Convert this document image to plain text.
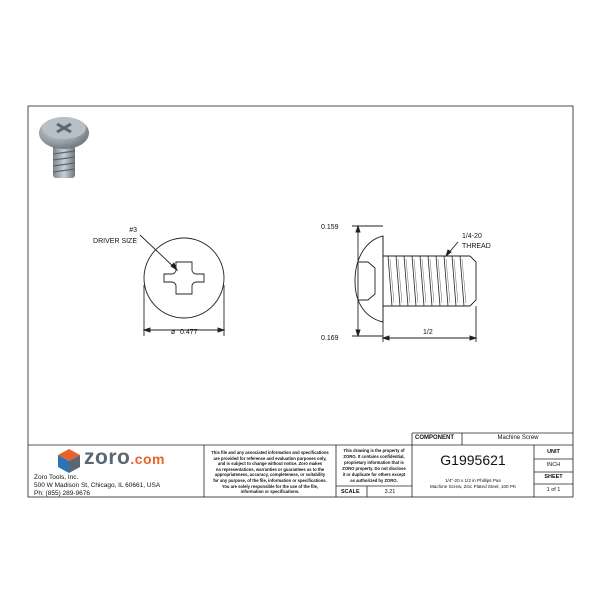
#3
DRIVER SIZE
⌀ 0.477
0.159
0.169
1/2
1/4-20
THREAD
zoro.com
Zoro Tools, Inc.
500 W Madison St, Chicago, IL 60661, USA
Ph: (855) 289-9676
This file and any associated information and specifications
are provided for reference and evaluation purposes only,
and is subject to change without notice. Zoro makes
no representations, warranties or guarantees as to the
appropriateness, accuracy, completeness, or suitability
for any purpose, of the file, information or specifications.
You are solely responsible for the use of the file,
information or specifications.
This drawing is the property of
ZORO. It contains confidential,
proprietary information that is
ZORO property. Do not disclose
it or duplicate for others except
as authorized by ZORO.
SCALE	3.21
COMPONENT	Machine Screw
G1995621
1/4"-20 x 1/2 in Phillips Pan
Machine Screw, Zinc Plated Steel, 100 PK
UNIT
INCH
SHEET
1 of 1
